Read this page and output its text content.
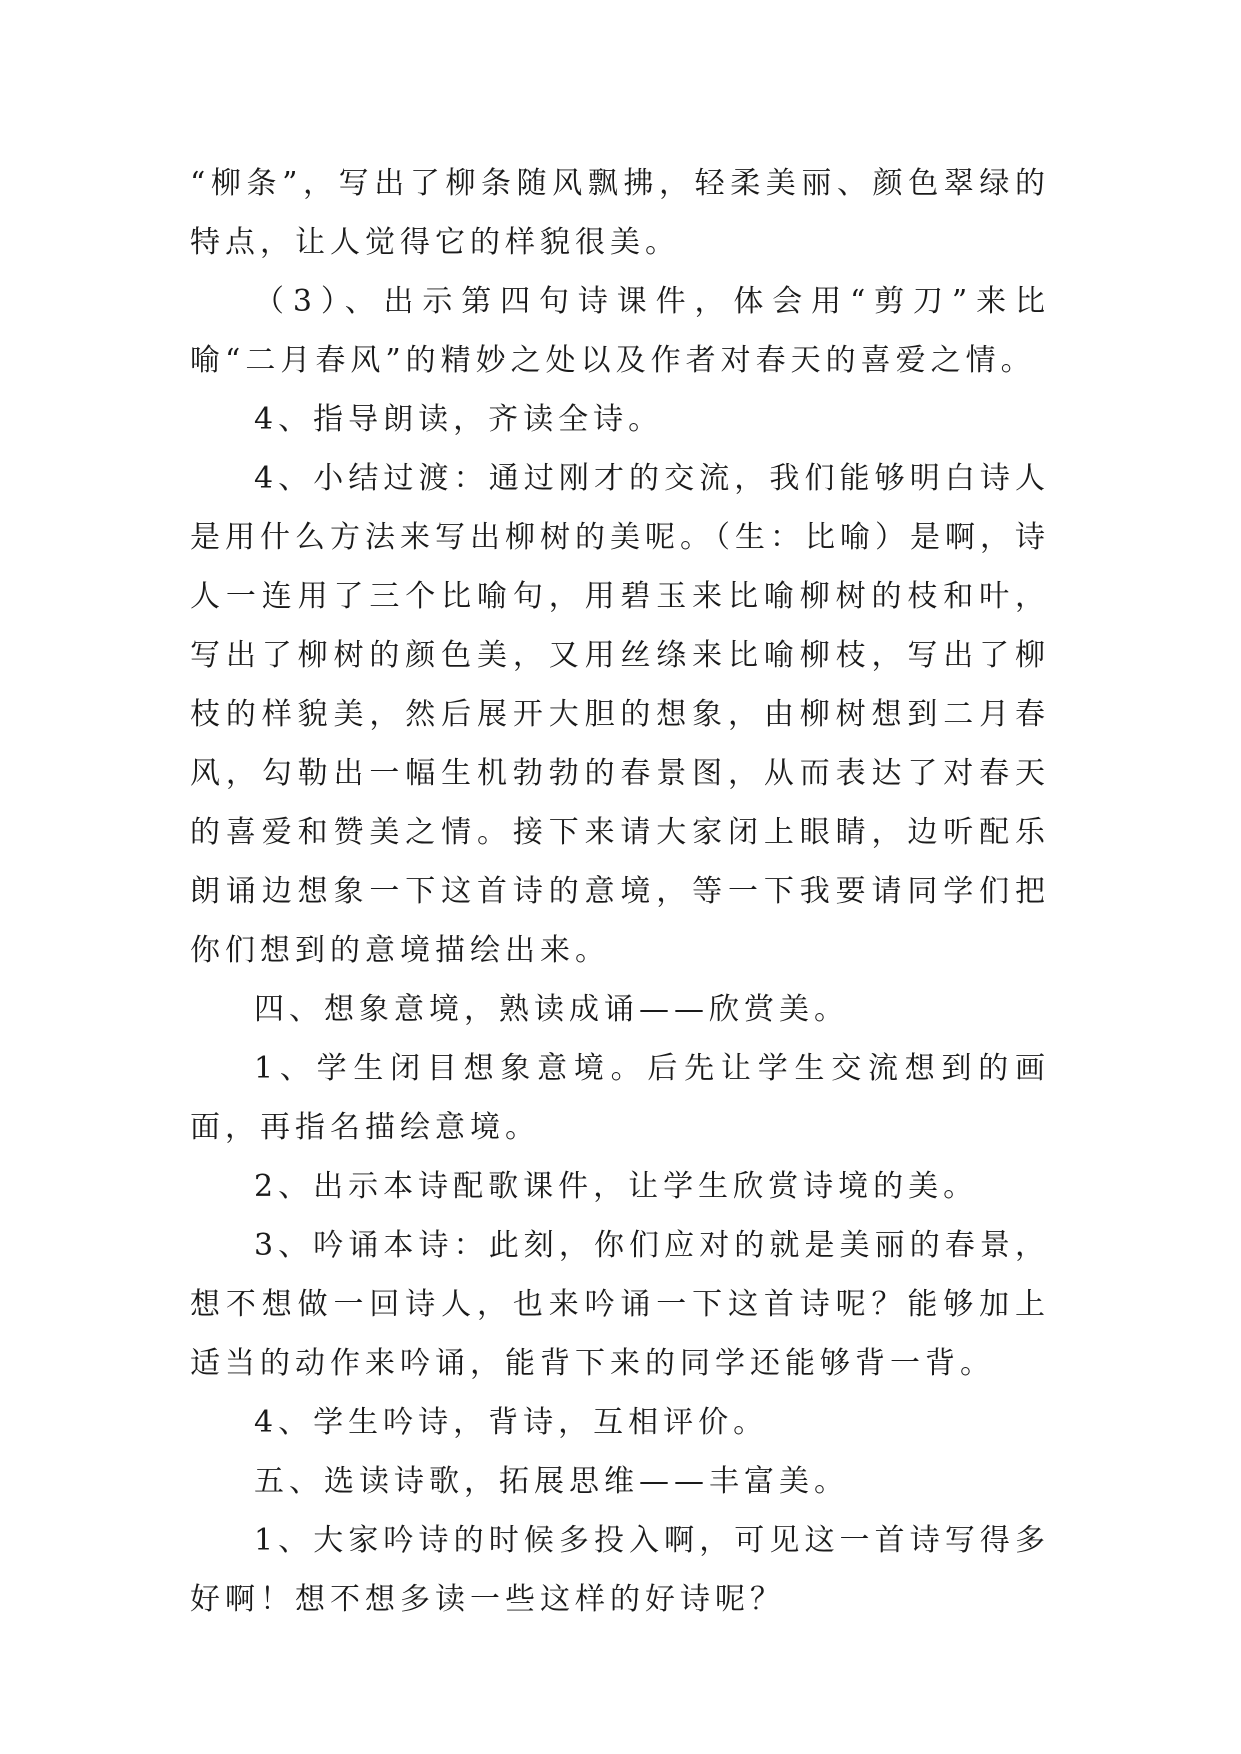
“柳条”，写出了柳条随风飘拂，轻柔美丽、颜色翠绿的特点，让人觉得它的样貌很美。

（3）、出示第四句诗课件，体会用“剪刀”来比喻“二月春风”的精妙之处以及作者对春天的喜爱之情。

4、指导朗读，齐读全诗。

4、小结过渡：通过刚才的交流，我们能够明白诗人是用什么方法来写出柳树的美呢。（生：比喻）是啊，诗人一连用了三个比喻句，用碧玉来比喻柳树的枝和叶，写出了柳树的颜色美，又用丝绦来比喻柳枝，写出了柳枝的样貌美，然后展开大胆的想象，由柳树想到二月春风，勾勒出一幅生机勃勃的春景图，从而表达了对春天的喜爱和赞美之情。接下来请大家闭上眼睛，边听配乐朗诵边想象一下这首诗的意境，等一下我要请同学们把你们想到的意境描绘出来。

四、想象意境，熟读成诵——欣赏美。

1、学生闭目想象意境。后先让学生交流想到的画面，再指名描绘意境。

2、出示本诗配歌课件，让学生欣赏诗境的美。

3、吟诵本诗：此刻，你们应对的就是美丽的春景，想不想做一回诗人，也来吟诵一下这首诗呢？能够加上适当的动作来吟诵，能背下来的同学还能够背一背。

4、学生吟诗，背诗，互相评价。

五、选读诗歌，拓展思维——丰富美。

1、大家吟诗的时候多投入啊，可见这一首诗写得多好啊！想不想多读一些这样的好诗呢？
